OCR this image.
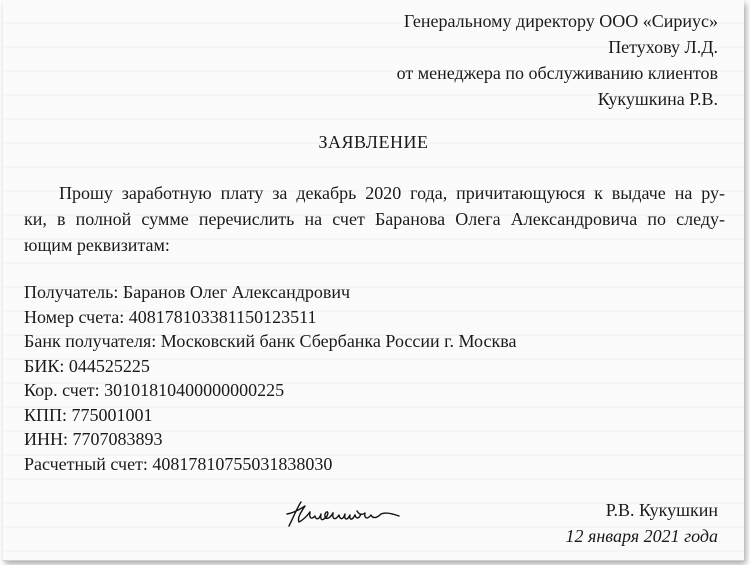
Генеральному директору ООО «Сириус»
Петухову Л.Д.
от менеджера по обслуживанию клиентов
Кукушкина Р.В.
ЗАЯВЛЕНИЕ
Прошу заработную плату за декабрь 2020 года, причитающуюся к выдаче на ру-
ки, в полной сумме перечислить на счет Баранова Олега Александровича по следу-
ющим реквизитам:
Получатель: Баранов Олег Александрович
Номер счета: 408178103381150123511
Банк получателя: Московский банк Сбербанка России г. Москва
БИК: 044525225
Кор. счет: 30101810400000000225
КПП: 775001001
ИНН: 7707083893
Расчетный счет: 40817810755031838030
Р.В. Кукушкин
12 января 2021 года
